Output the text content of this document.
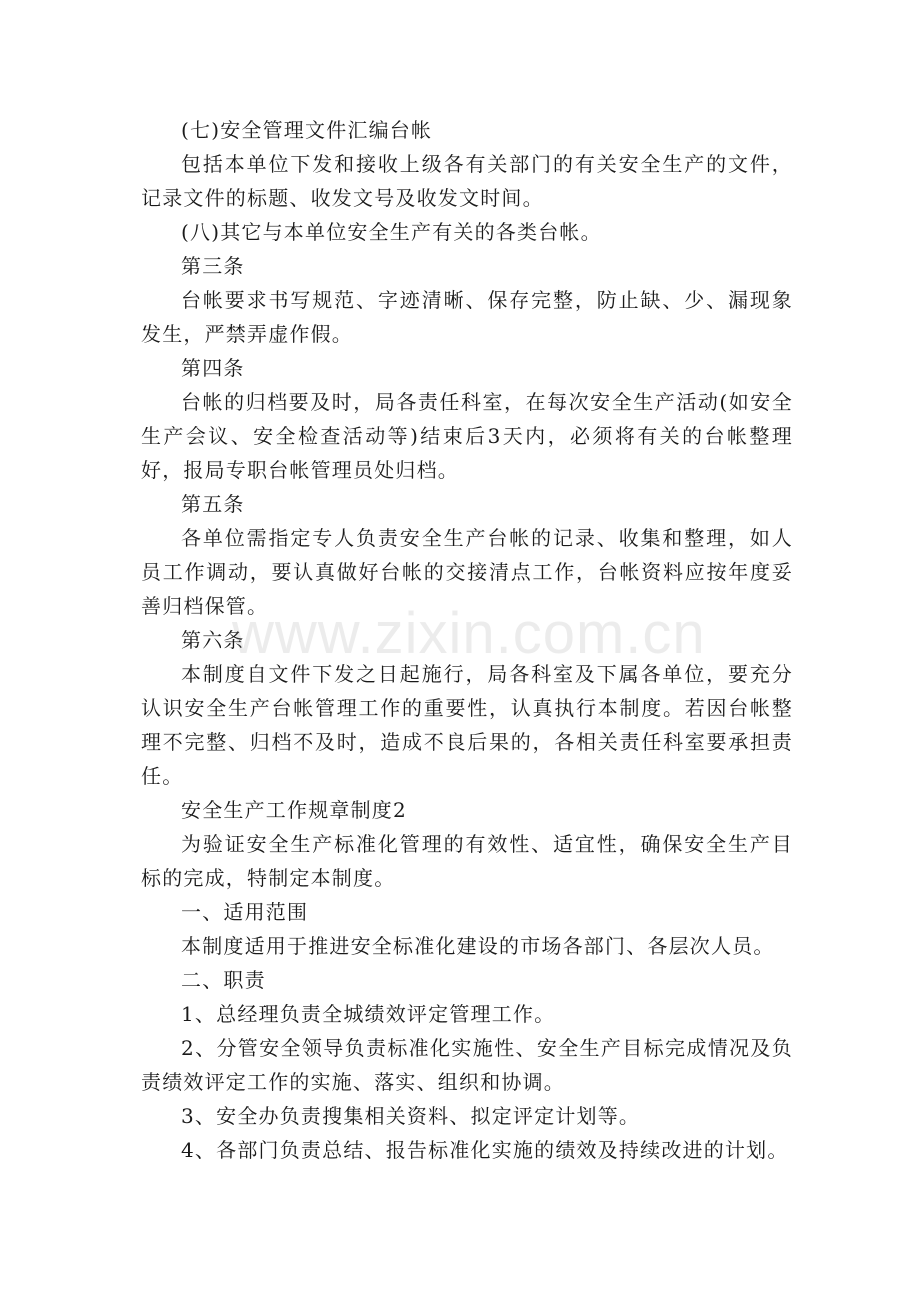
(七)安全管理文件汇编台帐

包括本单位下发和接收上级各有关部门的有关安全生产的文件，记录文件的标题、收发文号及收发文时间。

(八)其它与本单位安全生产有关的各类台帐。

第三条

台帐要求书写规范、字迹清晰、保存完整，防止缺、少、漏现象发生，严禁弄虚作假。

第四条

台帐的归档要及时，局各责任科室，在每次安全生产活动(如安全生产会议、安全检查活动等)结束后3天内，必须将有关的台帐整理好，报局专职台帐管理员处归档。

第五条

各单位需指定专人负责安全生产台帐的记录、收集和整理，如人员工作调动，要认真做好台帐的交接清点工作，台帐资料应按年度妥善归档保管。

第六条

本制度自文件下发之日起施行，局各科室及下属各单位，要充分认识安全生产台帐管理工作的重要性，认真执行本制度。若因台帐整理不完整、归档不及时，造成不良后果的，各相关责任科室要承担责任。

安全生产工作规章制度2

为验证安全生产标准化管理的有效性、适宜性，确保安全生产目标的完成，特制定本制度。

一、适用范围

本制度适用于推进安全标准化建设的市场各部门、各层次人员。

二、职责

1、总经理负责全城绩效评定管理工作。

2、分管安全领导负责标准化实施性、安全生产目标完成情况及负责绩效评定工作的实施、落实、组织和协调。

3、安全办负责搜集相关资料、拟定评定计划等。

4、各部门负责总结、报告标准化实施的绩效及持续改进的计划。

www.zixin.com.cn
